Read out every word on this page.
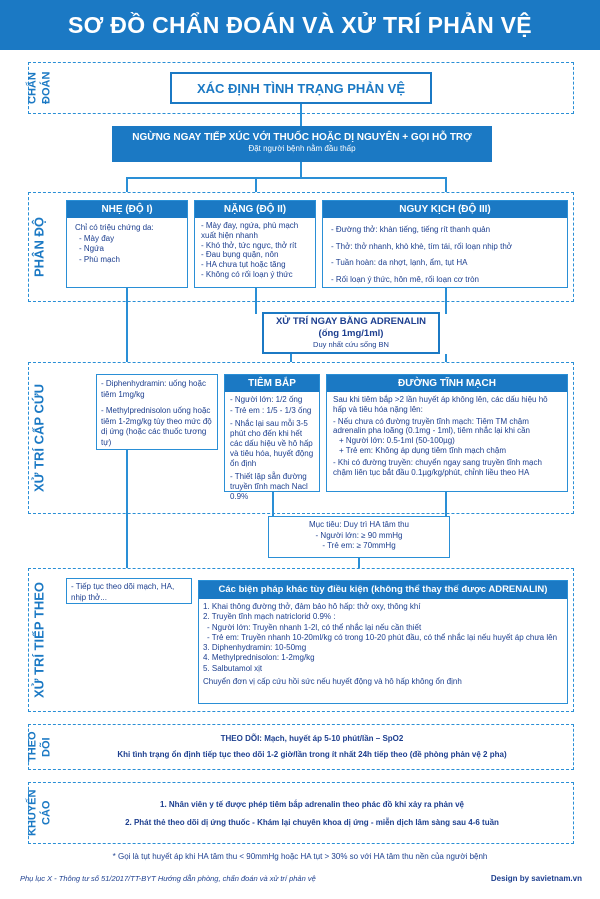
SƠ ĐỒ CHẨN ĐOÁN VÀ XỬ TRÍ PHẢN VỆ
CHẨN ĐOÁN	XÁC ĐỊNH TÌNH TRẠNG PHẢN VỆ
NGỪNG NGAY TIẾP XÚC VỚI THUỐC HOẶC DỊ NGUYÊN + GỌI HỖ TRỢ
Đặt người bệnh nằm đầu thấp
PHÂN ĐỘ
NHẸ (ĐỘ I)
Chỉ có triệu chứng da:
- Mày đay
- Ngứa
- Phù mạch
NẶNG (ĐỘ II)
- Mày đay, ngứa, phù mạch
xuất hiện nhanh
- Khó thở, tức ngực, thở rít
- Đau bụng quặn, nôn
- HA chưa tụt hoặc tăng
- Không có rối loạn ý thức
NGUY KỊCH (ĐỘ III)
- Đường thở: khàn tiếng, tiếng rít thanh quản
- Thở: thở nhanh, khò khè, tím tái, rối loạn nhịp thở
- Tuần hoàn: da nhợt, lạnh, ẩm, tụt HA
- Rối loạn ý thức, hôn mê, rối loạn cơ tròn
XỬ TRÍ NGAY BẰNG ADRENALIN
(ống 1mg/1ml)
Duy nhất cứu sống BN
XỬ TRÍ CẤP CỨU
- Diphenhydramin: uống hoặc tiêm 1mg/kg
- Methylprednisolon uống hoặc tiêm 1-2mg/kg tùy theo mức độ dị ứng (hoặc các thuốc tương tự)
TIÊM BẮP
- Người lớn: 1/2 ống
- Trẻ em : 1/5 - 1/3 ống
- Nhắc lại sau mỗi 3-5 phút cho đến khi hết các dấu hiệu về hô hấp và tiêu hóa, huyết động ổn định
- Thiết lập sẵn đường truyền tĩnh mạch Nacl 0.9%
ĐƯỜNG TĨNH MẠCH
Sau khi tiêm bắp >2 lần huyết áp không lên, các dấu hiệu hô hấp và tiêu hóa nặng lên:
- Nếu chưa có đường truyền tĩnh mạch: Tiêm TM chậm adrenalin pha loãng (0.1mg - 1ml), tiêm nhắc lại khi cần
+ Người lớn: 0.5-1ml (50-100µg)
+ Trẻ em: Không áp dụng tiêm tĩnh mạch chậm
- Khi có đường truyền: chuyển ngay sang truyền tĩnh mạch chậm liên tục bắt đầu 0.1µg/kg/phút, chỉnh liều theo HA
Mục tiêu: Duy trì HA tâm thu
- Người lớn: ≥ 90 mmHg
- Trẻ em: ≥ 70mmHg
XỬ TRÍ TIẾP THEO	- Tiếp tục theo dõi mạch, HA, nhịp thở...
Các biện pháp khác tùy điều kiện (không thể thay thế được ADRENALIN)
1. Khai thông đường thở, đảm bảo hô hấp: thở oxy, thông khí
2. Truyền tĩnh mạch natriclorid 0.9% :
- Người lớn: Truyền nhanh 1-2l, có thể nhắc lại nếu cần thiết
- Trẻ em: Truyền nhanh 10-20ml/kg có trong 10-20 phút đầu, có thể nhắc lại nếu huyết áp chưa lên
3. Diphenhydramin: 10-50mg
4. Methylprednisolon: 1-2mg/kg
5. Salbutamol xịt
Chuyển đơn vị cấp cứu hồi sức nếu huyết động và hô hấp không ổn định
THEO DÕI	THEO DÕI: Mạch, huyết áp 5-10 phút/lần – SpO2
Khi tình trạng ổn định tiếp tục theo dõi 1-2 giờ/lần trong ít nhất 24h tiếp theo (đề phòng phản vệ 2 pha)
KHUYẾN CÁO	1. Nhân viên y tế được phép tiêm bắp adrenalin theo phác đồ khi xảy ra phản vệ
2. Phát thẻ theo dõi dị ứng thuốc - Khám lại chuyên khoa dị ứng - miễn dịch lâm sàng sau 4-6 tuần
* Gọi là tụt huyết áp khi HA tâm thu < 90mmHg hoặc HA tụt > 30% so với HA tâm thu nền của người bệnh
Phụ lục X - Thông tư số 51/2017/TT-BYT Hướng dẫn phòng, chẩn đoán và xử trí phản vệ	Design by savietnam.vn
